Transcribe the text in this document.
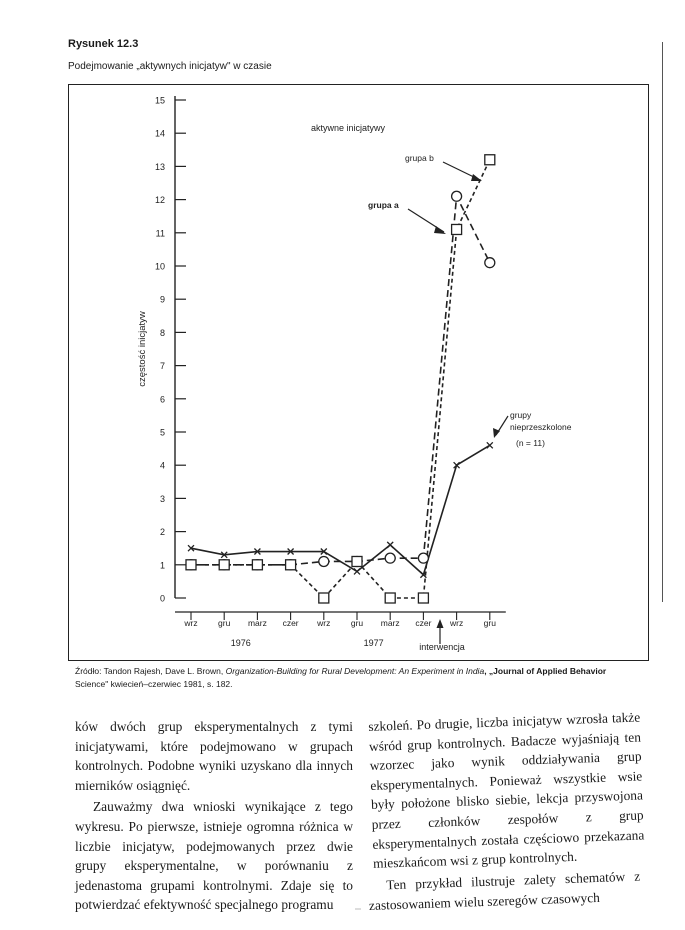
Rysunek 12.3
Podejmowanie „aktywnych inicjatyw" w czasie
0
1
2
3
4
5
6
7
8
9
10
11
12
13
14
15
częstość inicjatyw
wrz gru marz czer wrz gru marz czer wrz gru
1976	1977	interwencja
aktywne inicjatywy
grupa b
grupa a
grupy
nieprzeszkolone
(n = 11)
Źródło: Tandon Rajesh, Dave L. Brown, Organization-Building for Rural Development: An Experiment in India, „Journal of Applied Behavior
Science" kwiecień–czerwiec 1981, s. 182.

ków dwóch grup eksperymentalnych z tymi inicjatywami, które podejmowano w grupach kontrolnych. Podobne wyniki uzyskano dla innych mierników osiągnięć.

Zauważmy dwa wnioski wynikające z tego wykresu. Po pierwsze, istnieje ogromna różnica w liczbie inicjatyw, podejmowanych przez dwie grupy eksperymentalne, w porównaniu z jedenastoma grupami kontrolnymi. Zdaje się to potwierdzać efektywność specjalnego programu

szkoleń. Po drugie, liczba inicjatyw wzrosła także wśród grup kontrolnych. Badacze wyjaśniają ten wzorzec jako wynik oddziaływania grup eksperymentalnych. Ponieważ wszystkie wsie były położone blisko siebie, lekcja przyswojona przez członków zespołów z grup eksperymentalnych została częściowo przekazana mieszkańcom wsi z grup kontrolnych.

Ten przykład ilustruje zalety schematów z zastosowaniem wielu szeregów czasowych
